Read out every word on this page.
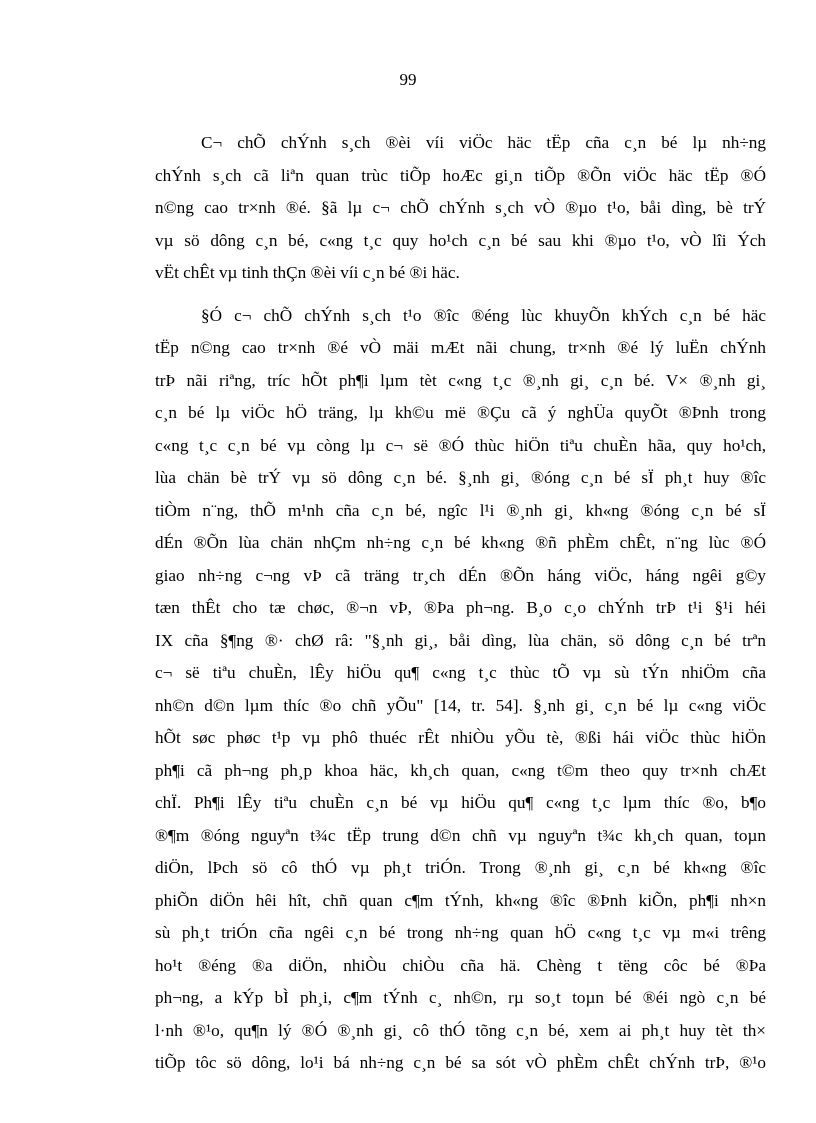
99
C¬ chÕ chÝnh s¸ch ®èi víi viÖc häc tËp cña c¸n bé lµ nh÷ng
chÝnh s¸ch cã liªn quan trùc tiÕp hoÆc gi¸n tiÕp ®Õn viÖc häc tËp ®Ó
n©ng cao tr×nh ®é. §ã lµ c¬ chÕ chÝnh s¸ch vÒ ®µo t¹o, båi dìng, bè trÝ
vµ sö dông c¸n bé, c«ng t¸c quy ho¹ch c¸n bé sau khi ®µo t¹o, vÒ lîi Ých
vËt chÊt vµ tinh thÇn ®èi víi c¸n bé ®i häc.
§Ó c¬ chÕ chÝnh s¸ch t¹o ®îc ®éng lùc khuyÕn khÝch c¸n bé häc
tËp n©ng cao tr×nh ®é vÒ mäi mÆt nãi chung, tr×nh ®é lý luËn chÝnh
trÞ nãi riªng, tríc hÕt ph¶i lµm tèt c«ng t¸c ®¸nh gi¸ c¸n bé. V× ®¸nh gi¸
c¸n bé lµ viÖc hÖ träng, lµ kh©u më ®Çu cã ý nghÜa quyÕt ®Þnh trong
c«ng t¸c c¸n bé vµ còng lµ c¬ së ®Ó thùc hiÖn tiªu chuÈn hãa, quy ho¹ch,
lùa chän bè trÝ vµ sö dông c¸n bé. §¸nh gi¸ ®óng c¸n bé sÏ ph¸t huy ®îc
tiÒm n¨ng, thÕ m¹nh cña c¸n bé, ngîc l¹i ®¸nh gi¸ kh«ng ®óng c¸n bé sÏ
dÉn ®Õn lùa chän nhÇm nh÷ng c¸n bé kh«ng ®ñ phÈm chÊt, n¨ng lùc ®Ó
giao nh÷ng c¬ng vÞ cã träng tr¸ch dÉn ®Õn háng viÖc, háng ngêi g©y
tæn thÊt cho tæ chøc, ®¬n vÞ, ®Þa ph¬ng. B¸o c¸o chÝnh trÞ t¹i §¹i héi
IX cña §¶ng ®· chØ râ: "§¸nh gi¸, båi dìng, lùa chän, sö dông c¸n bé trªn
c¬ së tiªu chuÈn, lÊy hiÖu qu¶ c«ng t¸c thùc tÕ vµ sù tÝn nhiÖm cña
nh©n d©n lµm thíc ®o chñ yÕu" [14, tr. 54]. §¸nh gi¸ c¸n bé lµ c«ng viÖc
hÕt søc phøc t¹p vµ phô thuéc rÊt nhiÒu yÕu tè, ®ßi hái viÖc thùc hiÖn
ph¶i cã ph¬ng ph¸p khoa häc, kh¸ch quan, c«ng t©m theo quy tr×nh chÆt
chÏ. Ph¶i lÊy tiªu chuÈn c¸n bé vµ hiÖu qu¶ c«ng t¸c lµm thíc ®o, b¶o
®¶m ®óng nguyªn t¾c tËp trung d©n chñ vµ nguyªn t¾c kh¸ch quan, toµn
diÖn, lÞch sö cô thÓ vµ ph¸t triÓn. Trong ®¸nh gi¸ c¸n bé kh«ng ®îc
phiÕn diÖn hêi hît, chñ quan c¶m tÝnh, kh«ng ®îc ®Þnh kiÕn, ph¶i nh×n
sù ph¸t triÓn cña ngêi c¸n bé trong nh÷ng quan hÖ c«ng t¸c vµ m«i trêng
ho¹t ®éng ®a diÖn, nhiÒu chiÒu cña hä. Chèng t tëng côc bé ®Þa
ph¬ng, a kÝp bÌ ph¸i, c¶m tÝnh c¸ nh©n, rµ so¸t toµn bé ®éi ngò c¸n bé
l·nh ®¹o, qu¶n lý ®Ó ®¸nh gi¸ cô thÓ tõng c¸n bé, xem ai ph¸t huy tèt th×
tiÕp tôc sö dông, lo¹i bá nh÷ng c¸n bé sa sót vÒ phÈm chÊt chÝnh trÞ, ®¹o
